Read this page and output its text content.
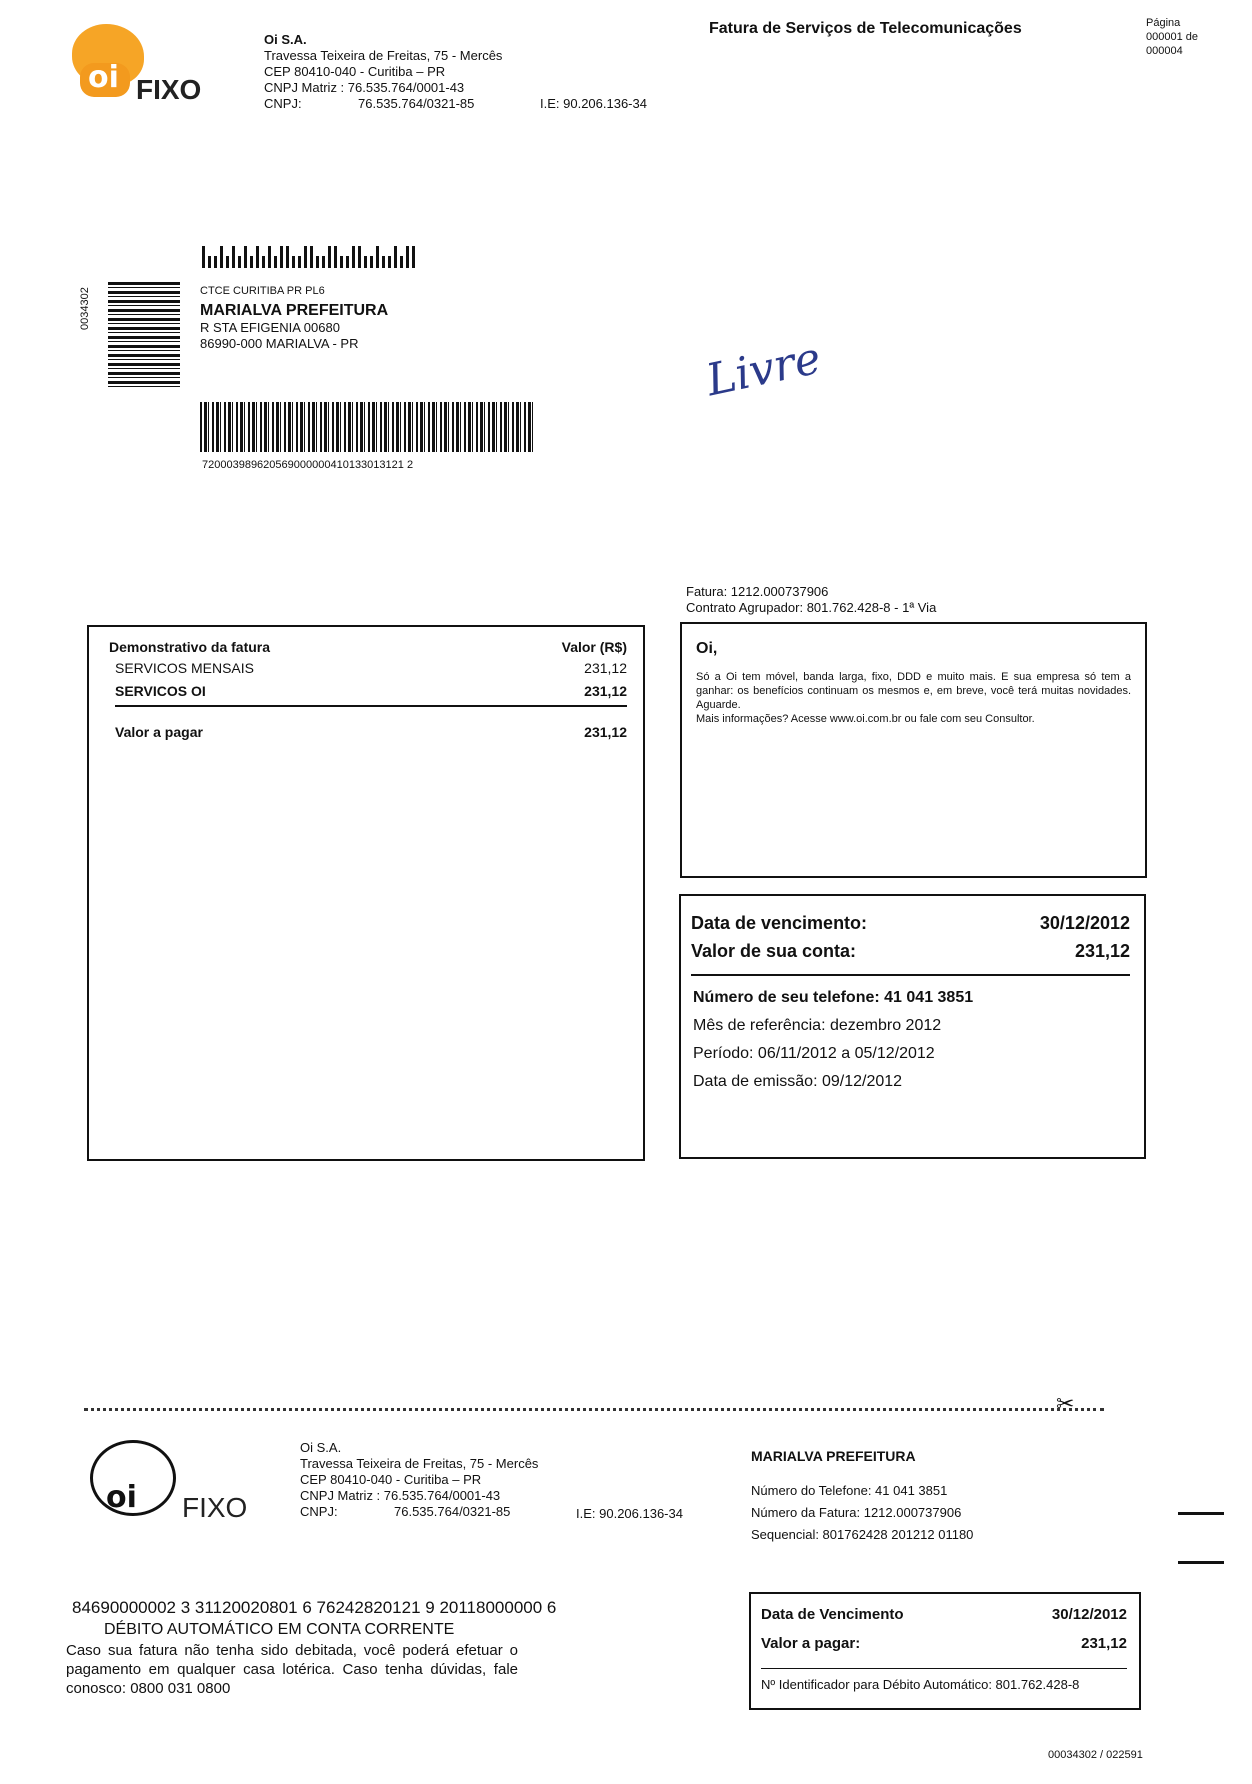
oi FIXO
Oi S.A.
Travessa Teixeira de Freitas, 75 - Mercês
CEP 80410-040 - Curitiba – PR
CNPJ Matriz : 76.535.764/0001-43
CNPJ:	76.535.764/0321-85	I.E: 90.206.136-34
Fatura de Serviços de Telecomunicações	Página
000001 de
000004
0034302	CTCE CURITIBA PR PL6
MARIALVA PREFEITURA
R STA EFIGENIA 00680
86990-000 MARIALVA - PR
720003989620569000000410133013121 2
Livre
Fatura: 1212.000737906
Contrato Agrupador: 801.762.428-8 - 1ª Via
Demonstrativo da fatura	Valor (R$)
SERVICOS MENSAIS	231,12
SERVICOS OI	231,12
Valor a pagar	231,12
Oi,
Só a Oi tem móvel, banda larga, fixo, DDD e muito mais. E sua empresa só tem a ganhar: os benefícios continuam os mesmos e, em breve, você terá muitas novidades. Aguarde.
Mais informações? Acesse www.oi.com.br ou fale com seu Consultor.
Data de vencimento:	30/12/2012
Valor de sua conta:	231,12
Número de seu telefone: 41 041 3851
Mês de referência: dezembro 2012
Período: 06/11/2012 a 05/12/2012
Data de emissão: 09/12/2012
✂
oi FIXO
Oi S.A.
Travessa Teixeira de Freitas, 75 - Mercês
CEP 80410-040 - Curitiba – PR
CNPJ Matriz : 76.535.764/0001-43
CNPJ:	76.535.764/0321-85	I.E: 90.206.136-34
MARIALVA PREFEITURA
Número do Telefone: 41 041 3851
Número da Fatura: 1212.000737906
Sequencial: 801762428 201212 01180
84690000002 3 31120020801 6 76242820121 9 20118000000 6
DÉBITO AUTOMÁTICO EM CONTA CORRENTE
Caso sua fatura não tenha sido debitada, você poderá efetuar o pagamento em qualquer casa lotérica. Caso tenha dúvidas, fale conosco: 0800 031 0800
Data de Vencimento	30/12/2012
Valor a pagar:	231,12
Nº Identificador para Débito Automático: 801.762.428-8
00034302 / 022591
